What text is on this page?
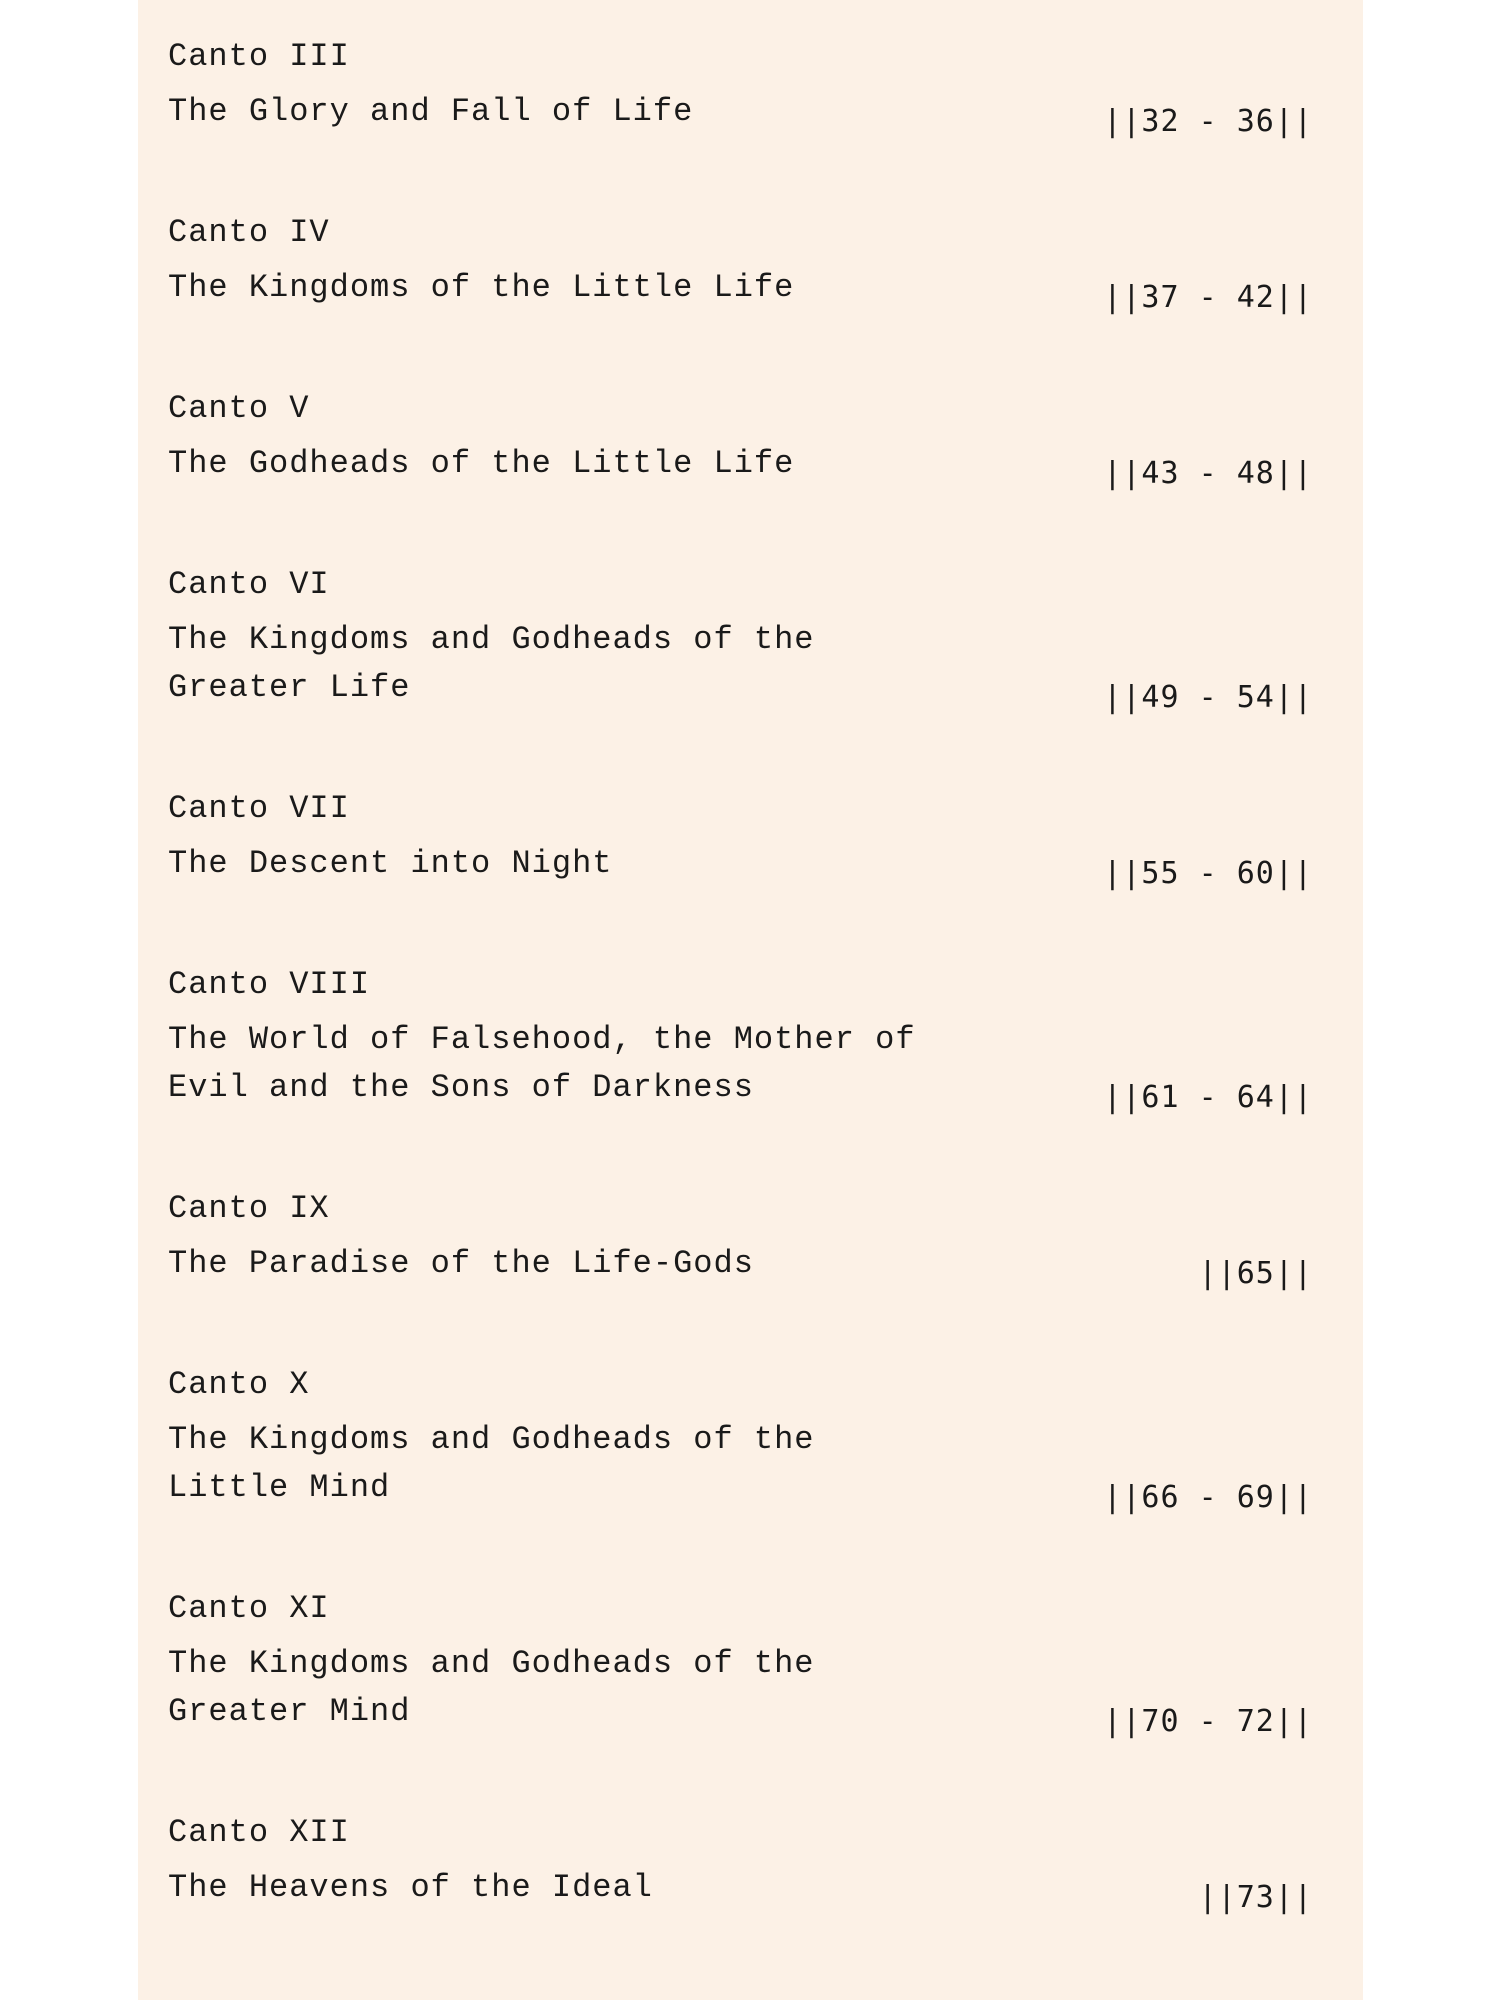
Canto III
The Glory and Fall of Life	||32 - 36||
Canto IV
The Kingdoms of the Little Life	||37 - 42||
Canto V
The Godheads of the Little Life	||43 - 48||
Canto VI
The Kingdoms and Godheads of the
Greater Life	||49 - 54||
Canto VII
The Descent into Night	||55 - 60||
Canto VIII
The World of Falsehood, the Mother of
Evil and the Sons of Darkness	||61 - 64||
Canto IX
The Paradise of the Life-Gods	||65||
Canto X
The Kingdoms and Godheads of the
Little Mind	||66 - 69||
Canto XI
The Kingdoms and Godheads of the
Greater Mind	||70 - 72||
Canto XII
The Heavens of the Ideal	||73||
